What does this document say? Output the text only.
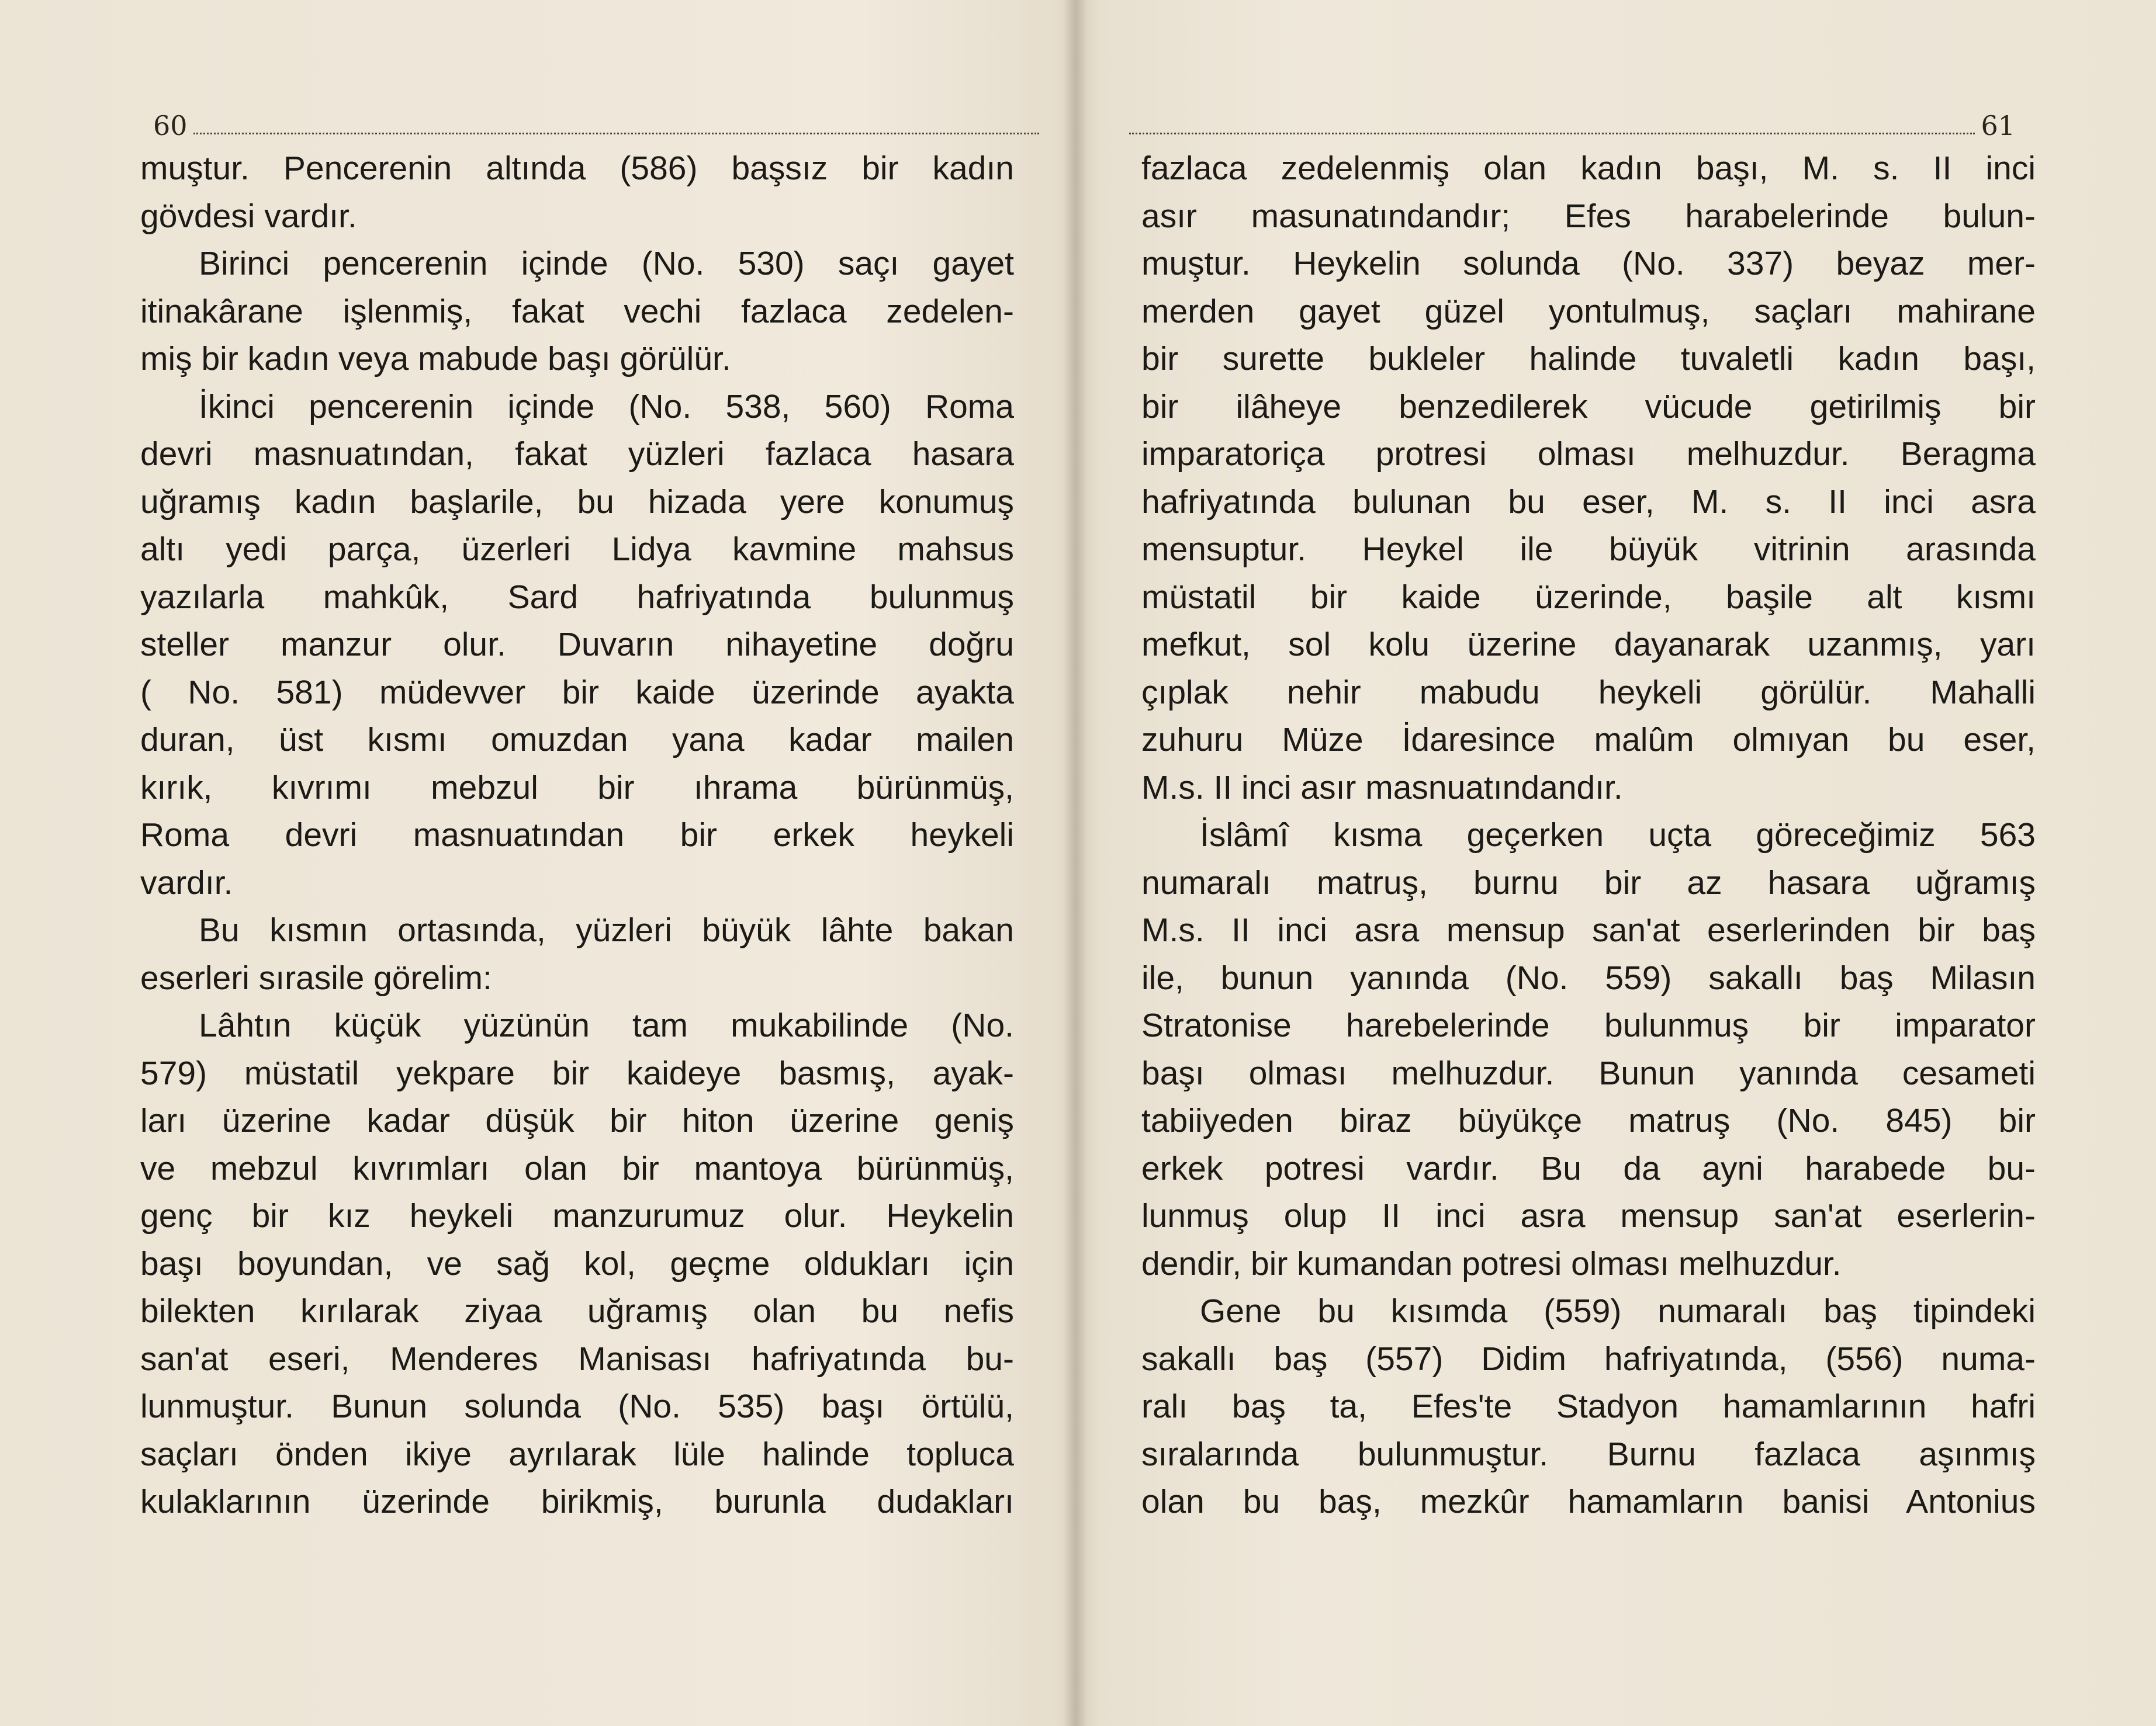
60
muştur. Pencerenin altında (586) başsız bir kadın
gövdesi vardır.
Birinci pencerenin içinde (No. 530) saçı gayet
itinakârane işlenmiş, fakat vechi fazlaca zedelen-
miş bir kadın veya mabude başı görülür.
İkinci pencerenin içinde (No. 538, 560) Roma
devri masnuatından, fakat yüzleri fazlaca hasara
uğramış kadın başlarile, bu hizada yere konumuş
altı yedi parça, üzerleri Lidya kavmine mahsus
yazılarla mahkûk, Sard hafriyatında bulunmuş
steller manzur olur. Duvarın nihayetine doğru
( No. 581) müdevver bir kaide üzerinde ayakta
duran, üst kısmı omuzdan yana kadar mailen
kırık, kıvrımı mebzul bir ıhrama bürünmüş,
Roma devri masnuatından bir erkek heykeli
vardır.
Bu kısmın ortasında, yüzleri büyük lâhte bakan
eserleri sırasile görelim:
Lâhtın küçük yüzünün tam mukabilinde (No.
579) müstatil yekpare bir kaideye basmış, ayak-
ları üzerine kadar düşük bir hiton üzerine geniş
ve mebzul kıvrımları olan bir mantoya bürünmüş,
genç bir kız heykeli manzurumuz olur. Heykelin
başı boyundan, ve sağ kol, geçme oldukları için
bilekten kırılarak ziyaa uğramış olan bu nefis
san'at eseri, Menderes Manisası hafriyatında bu-
lunmuştur. Bunun solunda (No. 535) başı örtülü,
saçları önden ikiye ayrılarak lüle halinde topluca
kulaklarının üzerinde birikmiş, burunla dudakları
61
fazlaca zedelenmiş olan kadın başı, M. s. II inci
asır masunatındandır; Efes harabelerinde bulun-
muştur. Heykelin solunda (No. 337) beyaz mer-
merden gayet güzel yontulmuş, saçları mahirane
bir surette bukleler halinde tuvaletli kadın başı,
bir ilâheye benzedilerek vücude getirilmiş bir
imparatoriça protresi olması melhuzdur. Beragma
hafriyatında bulunan bu eser, M. s. II inci asra
mensuptur. Heykel ile büyük vitrinin arasında
müstatil bir kaide üzerinde, başile alt kısmı
mefkut, sol kolu üzerine dayanarak uzanmış, yarı
çıplak nehir mabudu heykeli görülür. Mahalli
zuhuru Müze İdaresince malûm olmıyan bu eser,
M.s. II inci asır masnuatındandır.
İslâmî kısma geçerken uçta göreceğimiz 563
numaralı matruş, burnu bir az hasara uğramış
M.s. II inci asra mensup san'at eserlerinden bir baş
ile, bunun yanında (No. 559) sakallı baş Milasın
Stratonise harebelerinde bulunmuş bir imparator
başı olması melhuzdur. Bunun yanında cesameti
tabiiyeden biraz büyükçe matruş (No. 845) bir
erkek potresi vardır. Bu da ayni harabede bu-
lunmuş olup II inci asra mensup san'at eserlerin-
dendir, bir kumandan potresi olması melhuzdur.
Gene bu kısımda (559) numaralı baş tipindeki
sakallı baş (557) Didim hafriyatında, (556) numa-
ralı baş ta, Efes'te Stadyon hamamlarının hafri
sıralarında bulunmuştur. Burnu fazlaca aşınmış
olan bu baş, mezkûr hamamların banisi Antonius
